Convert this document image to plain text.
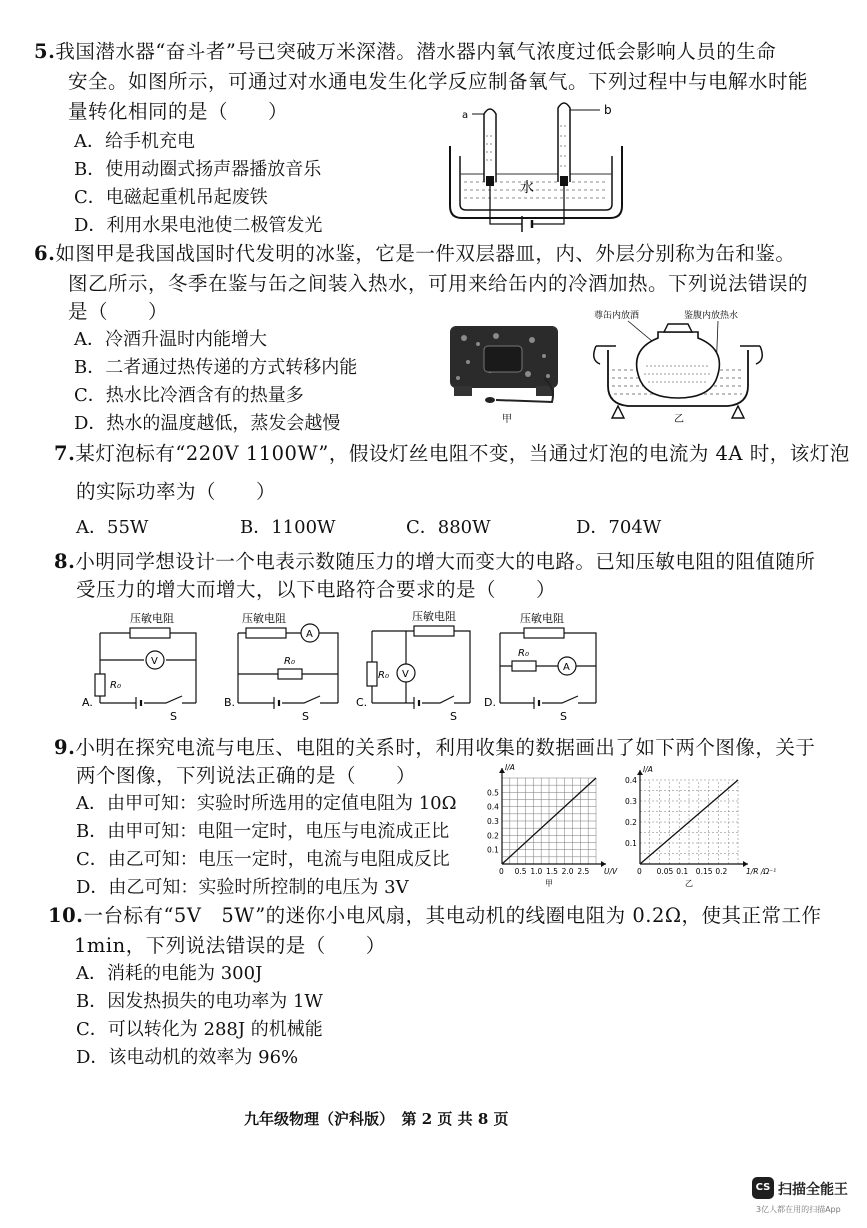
5.我国潜水器“奋斗者”号已突破万米深潜。潜水器内氧气浓度过低会影响人员的生命
安全。如图所示，可通过对水通电发生化学反应制备氧气。下列过程中与电解水时能
量转化相同的是（　　）
A．给手机充电
B．使用动圈式扬声器播放音乐
C．电磁起重机吊起废铁
D．利用水果电池使二极管发光
a	b
水
6.如图甲是我国战国时代发明的冰鉴，它是一件双层器皿，内、外层分别称为缶和鉴。
图乙所示，冬季在鉴与缶之间装入热水，可用来给缶内的冷酒加热。下列说法错误的
是（　　）
A．冷酒升温时内能增大
B．二者通过热传递的方式转移内能
C．热水比冷酒含有的热量多
D．热水的温度越低，蒸发会越慢	甲
尊缶内放酒	鉴腹内放热水
乙
7.某灯泡标有“220V 1100W”，假设灯丝电阻不变，当通过灯泡的电流为 4A 时，该灯泡
的实际功率为（　　）
A．55W	B．1100W	C．880W	D．704W
8.小明同学想设计一个电表示数随压力的增大而变大的电路。已知压敏电阻的阻值随所
受压力的增大而增大，以下电路符合要求的是（　　）
压敏电阻
V
R₀
A.
S
压敏电阻
A
R₀
B.
S
压敏电阻
V
R₀
C.
S
压敏电阻
R₀
A
D.
S
9.小明在探究电流与电压、电阻的关系时，利用收集的数据画出了如下两个图像，关于
两个图像，下列说法正确的是（　　）
A．由甲可知：实验时所选用的定值电阻为 10Ω
B．由甲可知：电阻一定时，电压与电流成正比
C．由乙可知：电压一定时，电流与电阻成反比
D．由乙可知：实验时所控制的电压为 3V
0 0.5 1.0 1.5 2.0 2.5
0.1
0.2
0.3
0.4
0.5
I/A
U/V
甲
0 0.05 0.1 0.15 0.2
0.1
0.2
0.3
0.4
I/A
1/R /Ω⁻¹
乙
10.一台标有“5V　5W”的迷你小电风扇，其电动机的线圈电阻为 0.2Ω，使其正常工作
1min，下列说法错误的是（　　）
A．消耗的电能为 300J
B．因发热损失的电功率为 1W
C．可以转化为 288J 的机械能
D．该电动机的效率为 96%
九年级物理（沪科版）　第 2 页 共 8 页
CS 扫描全能王
3亿人都在用的扫描App
